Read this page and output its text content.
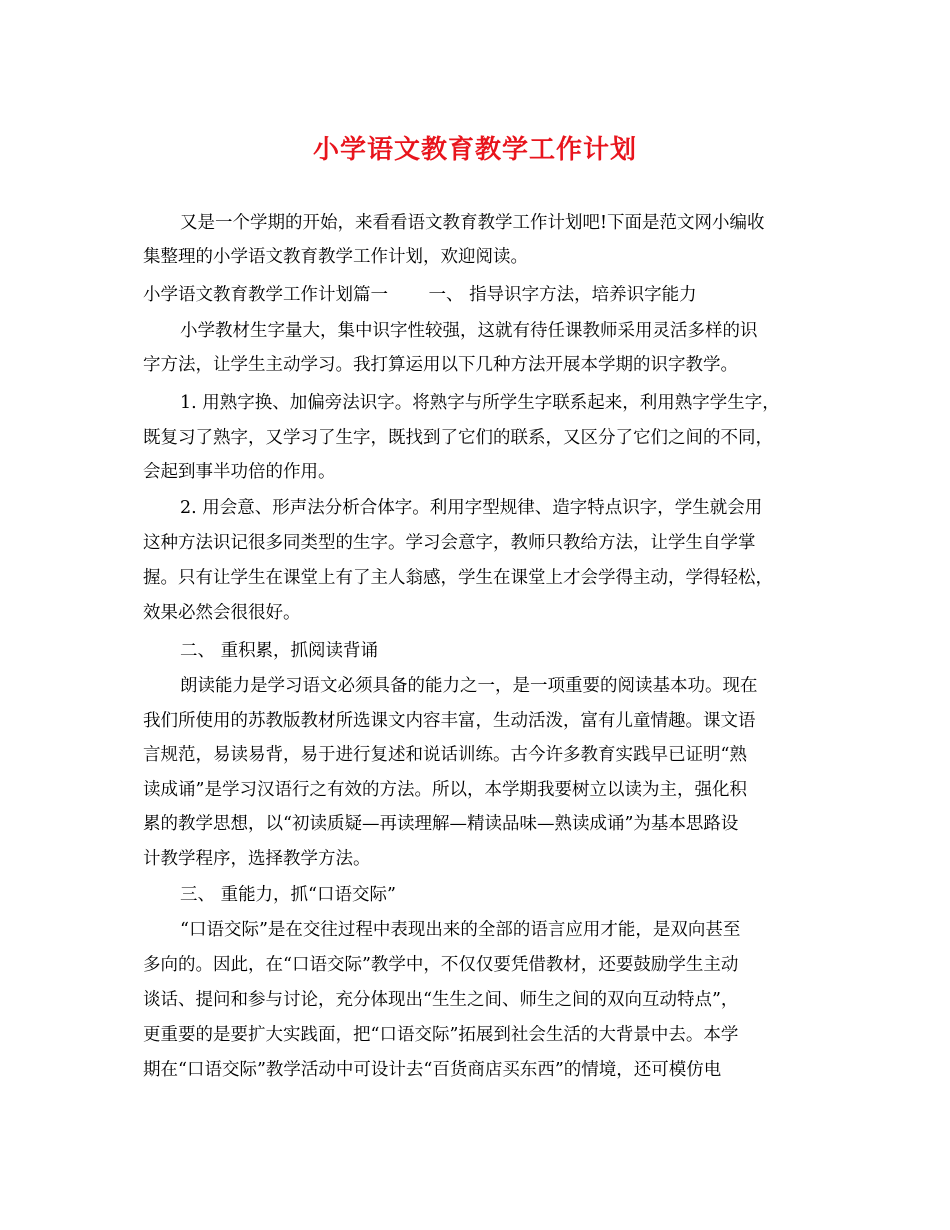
小学语文教育教学工作计划

又是一个学期的开始，来看看语文教育教学工作计划吧!下面是范文网小编收

集整理的小学语文教育教学工作计划，欢迎阅读。

小学语文教育教学工作计划篇一　　 一、 指导识字方法，培养识字能力

小学教材生字量大，集中识字性较强，这就有待任课教师采用灵活多样的识

字方法，让学生主动学习。我打算运用以下几种方法开展本学期的识字教学。

1. 用熟字换、加偏旁法识字。将熟字与所学生字联系起来，利用熟字学生字，

既复习了熟字，又学习了生字，既找到了它们的联系，又区分了它们之间的不同，

会起到事半功倍的作用。

2. 用会意、形声法分析合体字。利用字型规律、造字特点识字，学生就会用

这种方法识记很多同类型的生字。学习会意字，教师只教给方法，让学生自学掌

握。只有让学生在课堂上有了主人翁感，学生在课堂上才会学得主动，学得轻松，

效果必然会很很好。

二、 重积累，抓阅读背诵

朗读能力是学习语文必须具备的能力之一，是一项重要的阅读基本功。现在

我们所使用的苏教版教材所选课文内容丰富，生动活泼，富有儿童情趣。课文语

言规范，易读易背，易于进行复述和说话训练。古今许多教育实践早已证明“熟

读成诵”是学习汉语行之有效的方法。所以，本学期我要树立以读为主，强化积

累的教学思想，以“初读质疑—再读理解—精读品味—熟读成诵”为基本思路设

计教学程序，选择教学方法。

三、 重能力，抓“口语交际”

“口语交际”是在交往过程中表现出来的全部的语言应用才能，是双向甚至

多向的。因此，在“口语交际”教学中，不仅仅要凭借教材，还要鼓励学生主动

谈话、提问和参与讨论，充分体现出“生生之间、师生之间的双向互动特点”，

更重要的是要扩大实践面，把“口语交际”拓展到社会生活的大背景中去。本学

期在“口语交际”教学活动中可设计去“百货商店买东西”的情境，还可模仿电
